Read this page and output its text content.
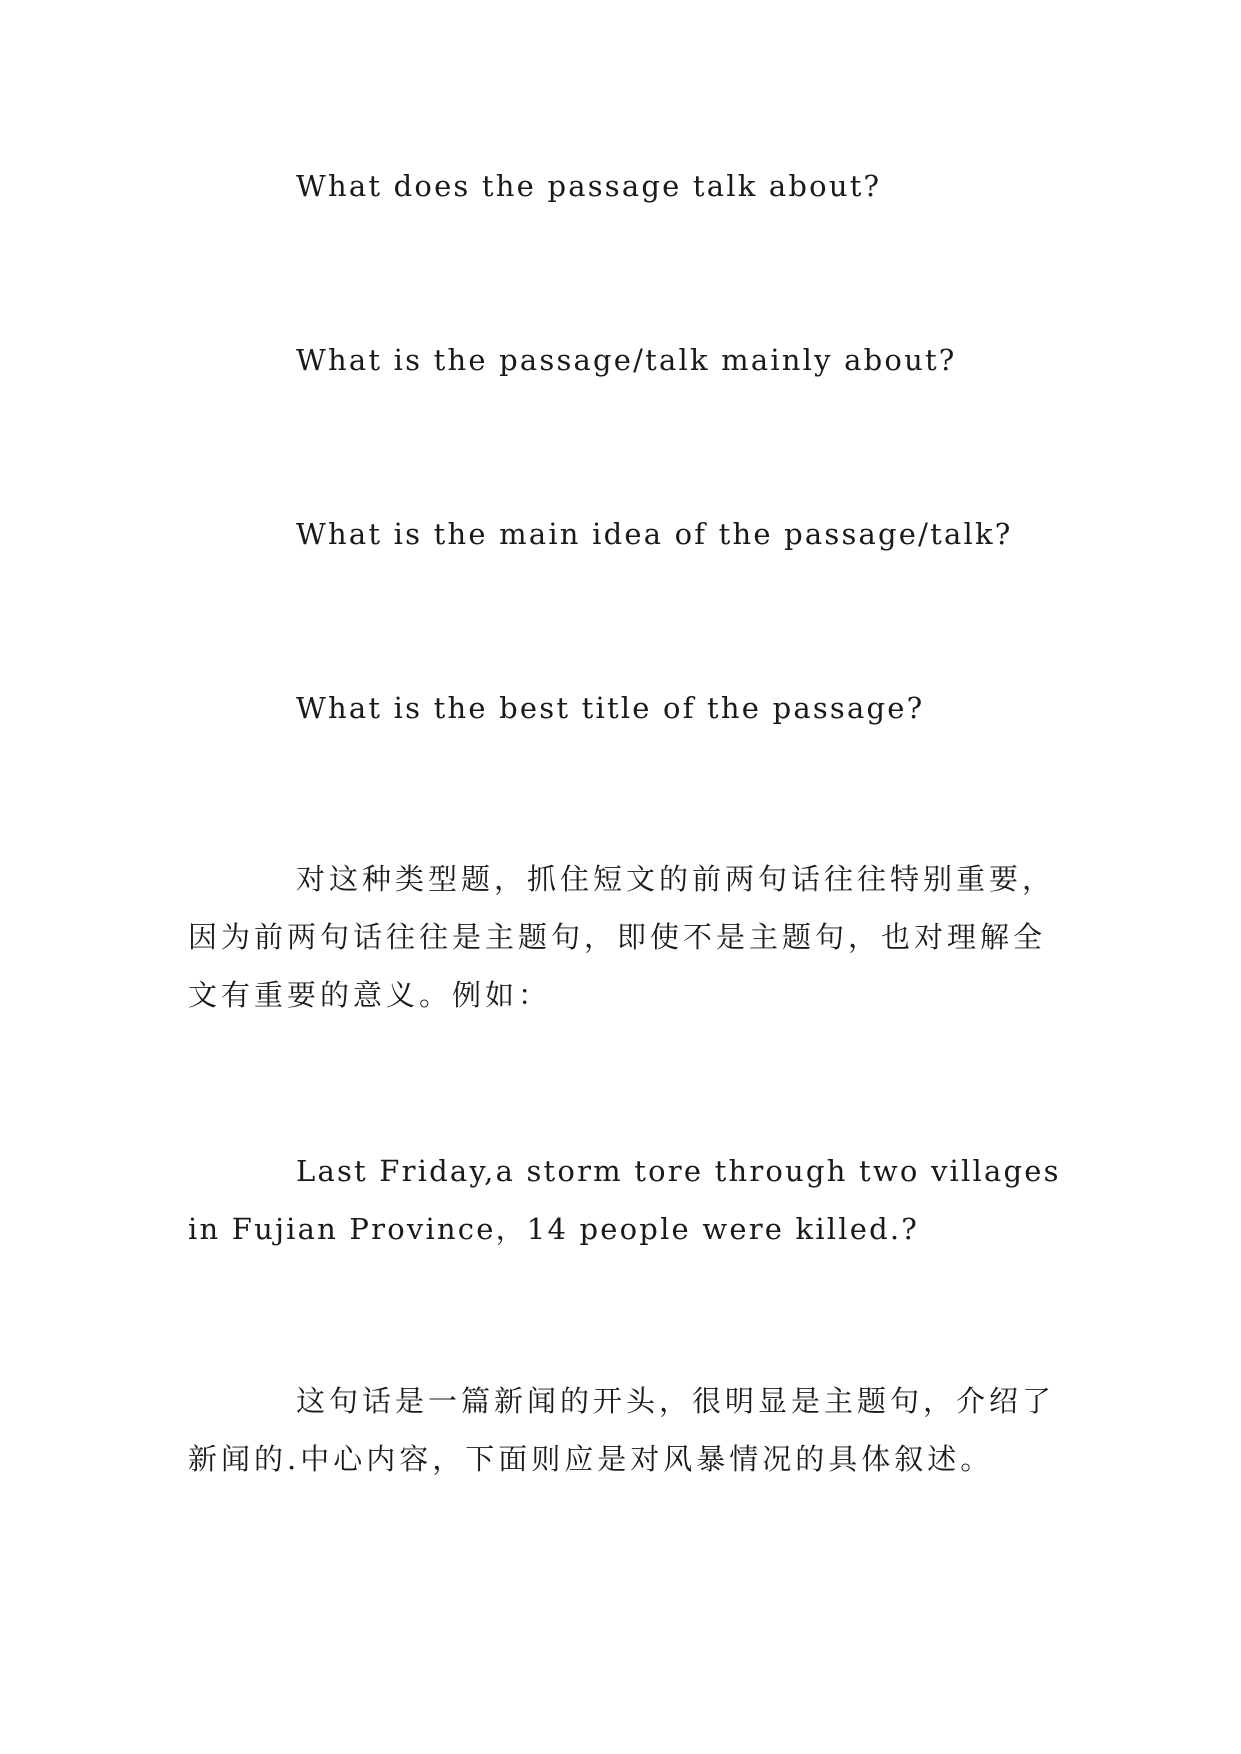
What does the passage talk about?
What is the passage/talk mainly about?
What is the main idea of the passage/talk?
What is the best title of the passage?
对这种类型题，抓住短文的前两句话往往特别重要，
因为前两句话往往是主题句，即使不是主题句，也对理解全
文有重要的意义。例如：
Last Friday,a storm tore through two villages
in Fujian Province，14 people were killed.?
这句话是一篇新闻的开头，很明显是主题句，介绍了
新闻的.中心内容，下面则应是对风暴情况的具体叙述。
